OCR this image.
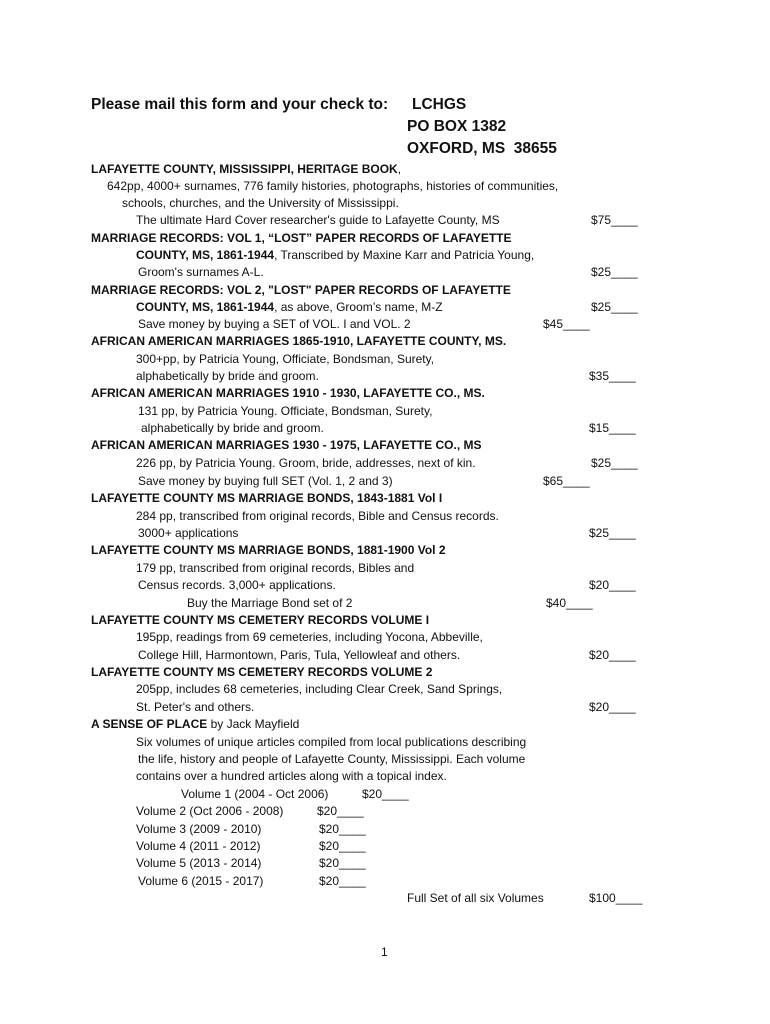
Please mail this form and your check to: LCHGS
PO BOX 1382
OXFORD, MS  38655
LAFAYETTE COUNTY, MISSISSIPPI, HERITAGE BOOK,
642pp, 4000+ surnames, 776 family histories, photographs, histories of communities,
schools, churches, and the University of Mississippi.
The ultimate Hard Cover researcher's guide to Lafayette County, MS	$75____
MARRIAGE RECORDS: VOL 1, “LOST” PAPER RECORDS OF LAFAYETTE
COUNTY, MS, 1861-1944, Transcribed by Maxine Karr and Patricia Young,
Groom's surnames A-L.	$25____
MARRIAGE RECORDS: VOL 2, "LOST" PAPER RECORDS OF LAFAYETTE
COUNTY, MS, 1861-1944, as above, Groom’s name, M-Z	$25____
Save money by buying a SET of VOL. I and VOL. 2	$45____
AFRICAN AMERICAN MARRIAGES 1865-1910, LAFAYETTE COUNTY, MS.
300+pp, by Patricia Young, Officiate, Bondsman, Surety,
alphabetically by bride and groom.	$35____
AFRICAN AMERICAN MARRIAGES 1910 - 1930, LAFAYETTE CO., MS.
131 pp, by Patricia Young. Officiate, Bondsman, Surety,
alphabetically by bride and groom.	$15____
AFRICAN AMERICAN MARRIAGES 1930 - 1975, LAFAYETTE CO., MS
226 pp, by Patricia Young. Groom, bride, addresses, next of kin.	$25____
Save money by buying full SET (Vol. 1, 2 and 3)	$65____
LAFAYETTE COUNTY MS MARRIAGE BONDS, 1843-1881 Vol I
284 pp, transcribed from original records, Bible and Census records.
3000+ applications	$25____
LAFAYETTE COUNTY MS MARRIAGE BONDS, 1881-1900 Vol 2
179 pp, transcribed from original records, Bibles and
Census records. 3,000+ applications.	$20____
Buy the Marriage Bond set of 2	$40____
LAFAYETTE COUNTY MS CEMETERY RECORDS VOLUME I
195pp, readings from 69 cemeteries, including Yocona, Abbeville,
College Hill, Harmontown, Paris, Tula, Yellowleaf and others.	$20____
LAFAYETTE COUNTY MS CEMETERY RECORDS VOLUME 2
205pp, includes 68 cemeteries, including Clear Creek, Sand Springs,
St. Peter's and others.	$20____
A SENSE OF PLACE by Jack Mayfield
Six volumes of unique articles compiled from local publications describing
the life, history and people of Lafayette County, Mississippi. Each volume
contains over a hundred articles along with a topical index.
Volume 1 (2004 - Oct 2006)	$20____
Volume 2 (Oct 2006 - 2008)	$20____
Volume 3 (2009 - 2010)	$20____
Volume 4 (2011 - 2012)	$20____
Volume 5 (2013 - 2014)	$20____
Volume 6 (2015 - 2017)	$20____
Full Set of all six Volumes	$100____
1
